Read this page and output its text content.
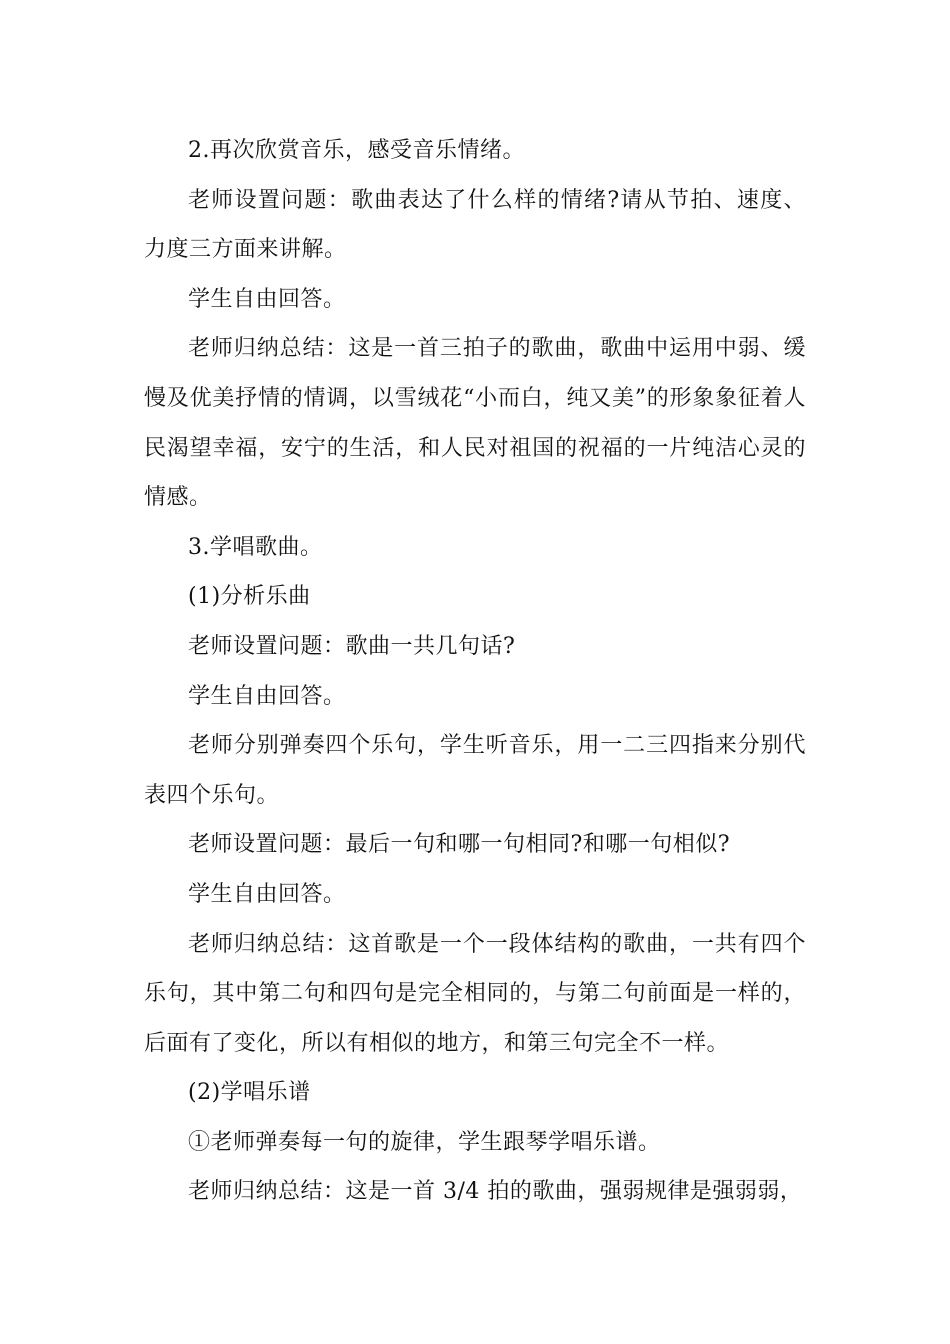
2.再次欣赏音乐，感受音乐情绪。

老师设置问题：歌曲表达了什么样的情绪?请从节拍、速度、力度三方面来讲解。

学生自由回答。

老师归纳总结：这是一首三拍子的歌曲，歌曲中运用中弱、缓慢及优美抒情的情调，以雪绒花“小而白，纯又美”的形象象征着人民渴望幸福，安宁的生活，和人民对祖国的祝福的一片纯洁心灵的情感。

3.学唱歌曲。

(1)分析乐曲

老师设置问题：歌曲一共几句话?

学生自由回答。

老师分别弹奏四个乐句，学生听音乐，用一二三四指来分别代表四个乐句。

老师设置问题：最后一句和哪一句相同?和哪一句相似?

学生自由回答。

老师归纳总结：这首歌是一个一段体结构的歌曲，一共有四个乐句，其中第二句和四句是完全相同的，与第二句前面是一样的，后面有了变化，所以有相似的地方，和第三句完全不一样。

(2)学唱乐谱

①老师弹奏每一句的旋律，学生跟琴学唱乐谱。

老师归纳总结：这是一首 3/4 拍的歌曲，强弱规律是强弱弱，
